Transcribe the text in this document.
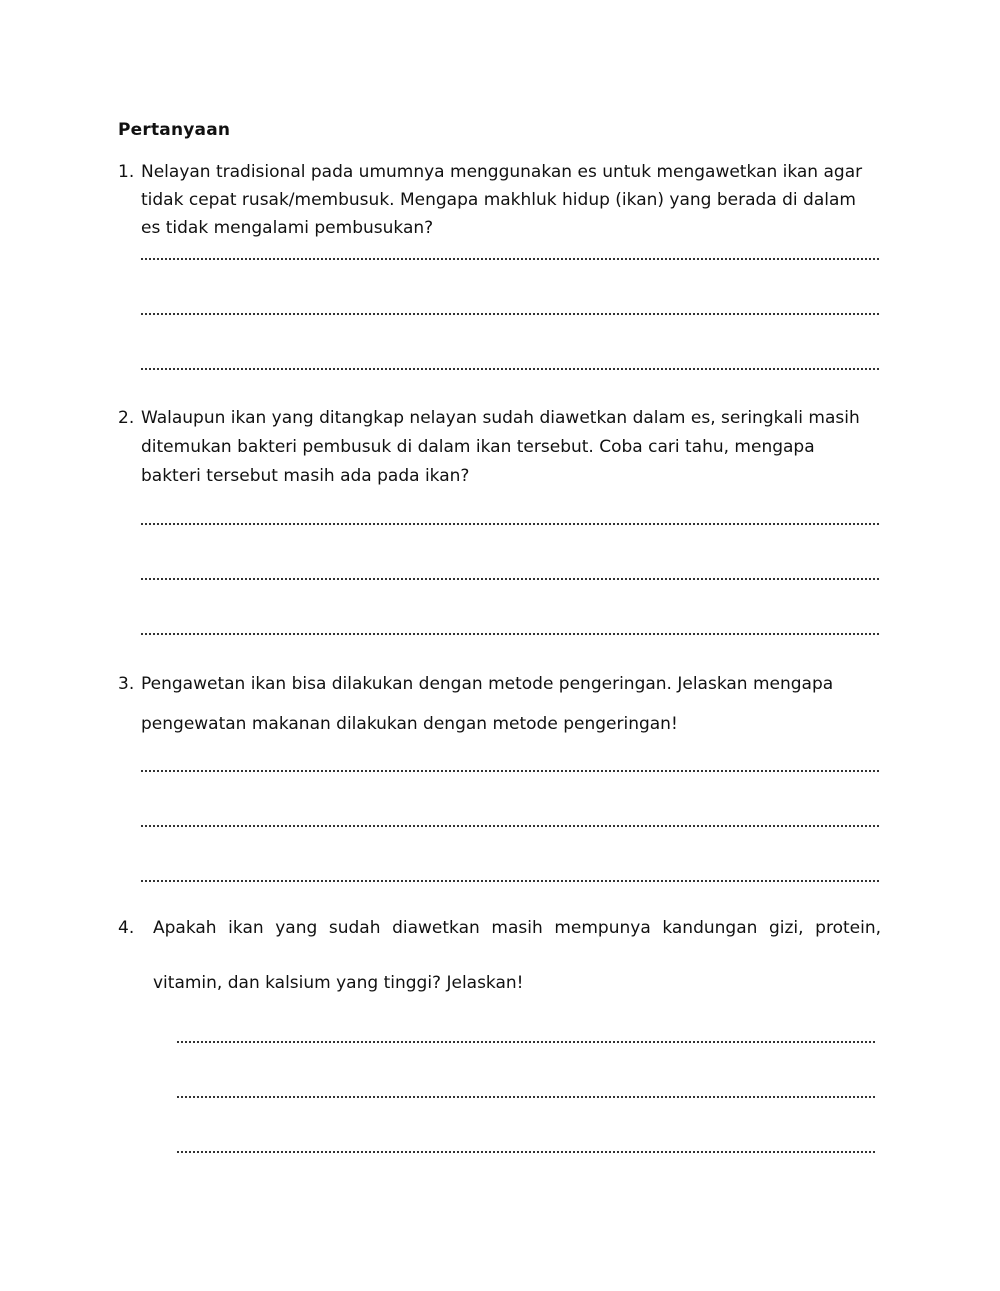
Pertanyaan
1. Nelayan tradisional pada umumnya menggunakan es untuk mengawetkan ikan agar
tidak cepat rusak/membusuk. Mengapa makhluk hidup (ikan) yang berada di dalam
es tidak mengalami pembusukan?
2. Walaupun ikan yang ditangkap nelayan sudah diawetkan dalam es, seringkali masih
ditemukan bakteri pembusuk di dalam ikan tersebut. Coba cari tahu, mengapa
bakteri tersebut masih ada pada ikan?
3. Pengawetan ikan bisa dilakukan dengan metode pengeringan. Jelaskan mengapa
pengewatan makanan dilakukan dengan metode pengeringan!
4. Apakah ikan yang sudah diawetkan masih mempunya kandungan gizi, protein,
vitamin, dan kalsium yang tinggi? Jelaskan!
